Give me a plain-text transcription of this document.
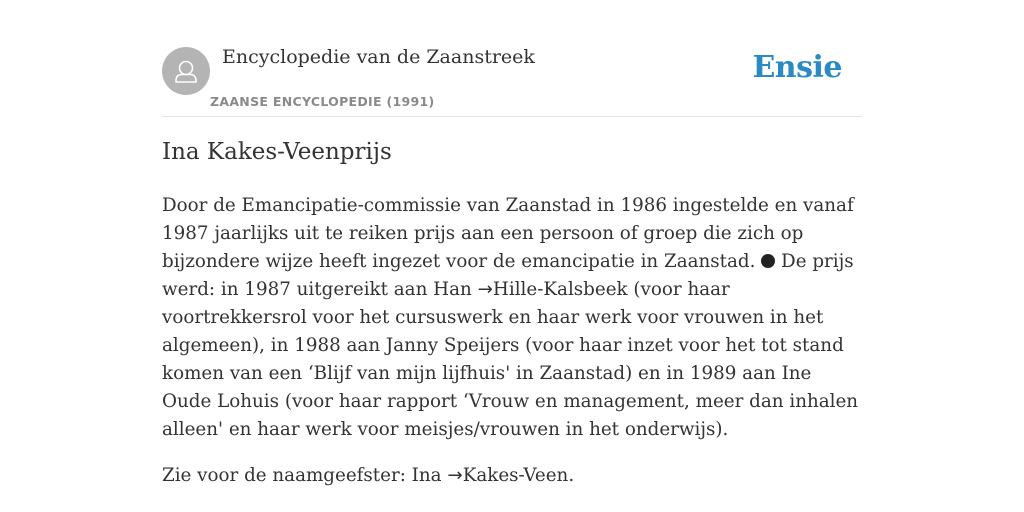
Encyclopedie van de Zaanstreek
ZAANSE ENCYCLOPEDIE (1991)
Ensie
Ina Kakes-Veenprijs

Door de Emancipatie-commissie van Zaanstad in 1986 ingestelde en vanaf 1987 jaarlijks uit te reiken prijs aan een persoon of groep die zich op bijzondere wijze heeft ingezet voor de emancipatie in Zaanstad.  De prijs werd: in 1987 uitgereikt aan Han →Hille-Kalsbeek (voor haar voortrekkersrol voor het cursuswerk en haar werk voor vrouwen in het algemeen), in 1988 aan Janny Speijers (voor haar inzet voor het tot stand komen van een ‘Blijf van mijn lijfhuis' in Zaanstad) en in 1989 aan Ine Oude Lohuis (voor haar rapport ‘Vrouw en management, meer dan inhalen alleen' en haar werk voor meisjes/vrouwen in het onderwijs).

Zie voor de naamgeefster: Ina →Kakes-Veen.
